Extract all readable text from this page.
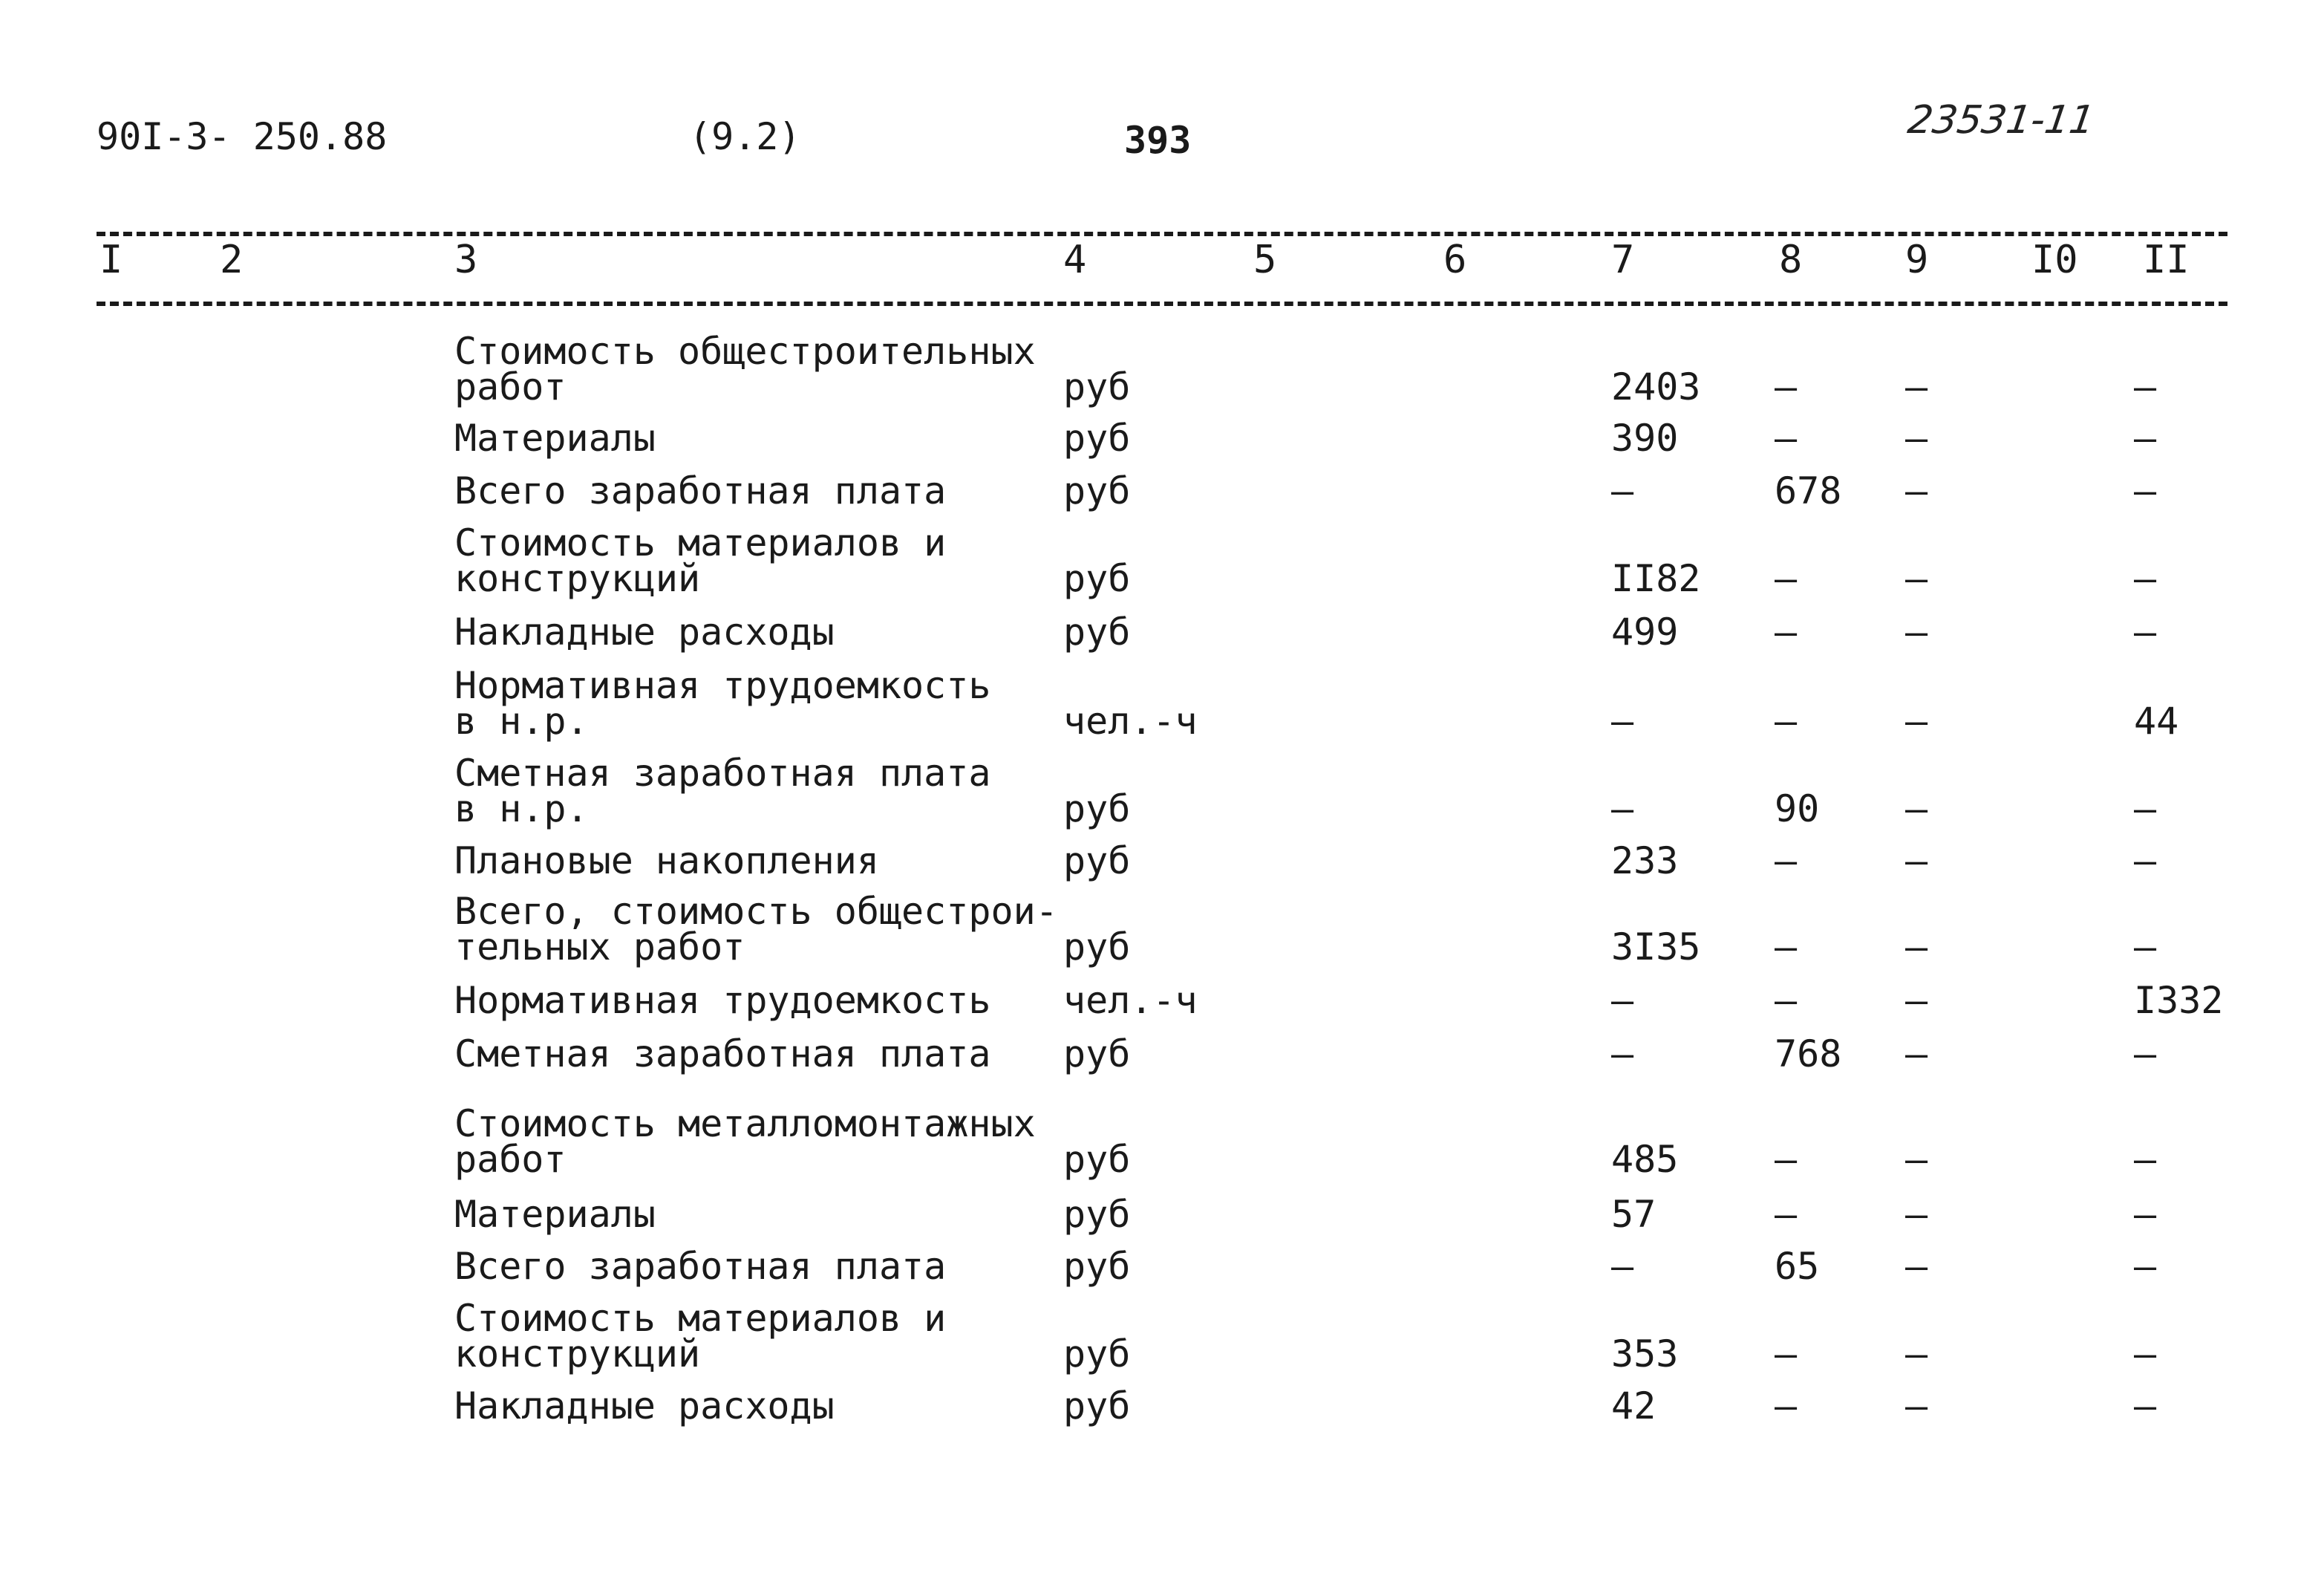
90I-3- 250.88	(9.2)	393	23531-11
I	2	3	4	5	6	7	8	9	I0 II
Стоимость общестроительных
работ	руб	2403 –	–	–
Материалы	руб	390	–	–	–
Всего заработная плата	руб	–	678 –	–
Стоимость материалов и
конструкций	руб	II82 –	–	–
Накладные расходы	руб	499	–	–	–
Нормативная трудоемкость
в н.р.	чел.-ч	–	–	–	44
Сметная заработная плата
в н.р.	руб	–	90 –	–
Плановые накопления	руб	233	–	–	–
Всего, стоимость общестрои-
тельных работ	руб	3I35 –	–	–
Нормативная трудоемкость чел.-ч	–	–	–	I332
Сметная заработная плата руб	–	768 –	–
Стоимость металломонтажных
работ	руб	485	–	–	–
Материалы	руб	57	–	–	–
Всего заработная плата	руб	–	65 –	–
Стоимость материалов и
конструкций	руб	353	–	–	–
Накладные расходы	руб	42	–	–	–
